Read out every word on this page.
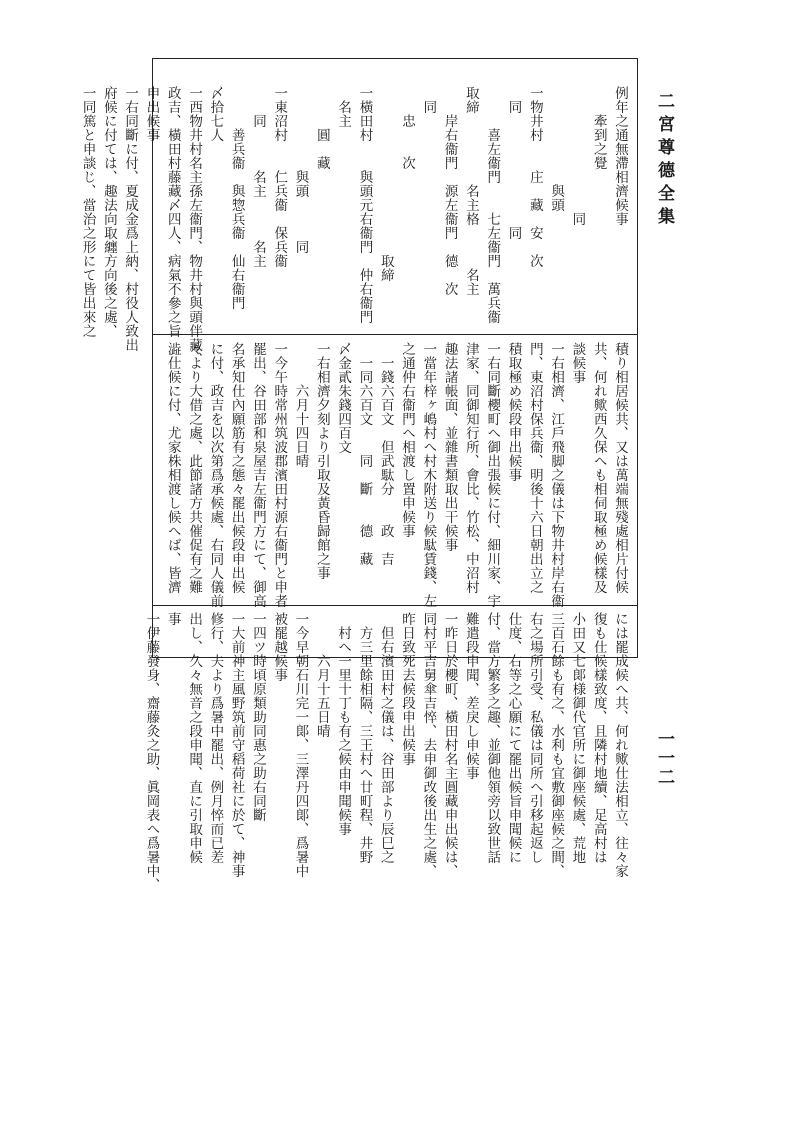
二宮尊德全集
一一二
例年之通無滯相濟候事
　　牽到之覺
　　　　　　　　　同
　　　　　　　與頭
一物井村　　庄　藏　安　次
　同　　　　　　　　同
　　　喜左衞門　　七左衞門　萬兵衞
取締　　　　　名主格　　　名主
　　岸右衞門　源左衞門　德　次
　同
　　忠　　次
　　　　　　　　　　　　取締
一橫田村　　與頭元右衞門　仲右衞門
　名主
　　　圓　藏
　　　　　　與頭　　　同
一東沼村　　仁兵衞　保兵衞
　　同　　　名主　　　名主
　　　善兵衞　與惣兵衞　仙右衞門
〆拾七人
一西物井村名主孫左衞門、物井村與頭伴藏、
政吉、橫田村藤藏〆四人、病氣不參之旨
申出候事
一右同斷に付、夏成金爲上納、村役人致出
府候に付ては、趣法向取纏方向後之處、
一同篤と申談じ、當治之形にて皆出來之
積り相居候共、又は萬端無殘處相片付候
共、何れ歟西久保へも相伺取極め候樣及
談候事
一右相濟、江戶飛脚之儀は下物井村岸右衞
門、東沼村保兵衞、明後十六日朝出立之
積取極め候段申出候事
一右同斷櫻町へ御出張候に付、細川家、宇
津家、同御知行所、會比、竹松、中沼村
趣法諸帳面、並雜書類取出干候事
一當年梓ヶ嶋村へ村木附送り候駄賃錢、左
之通仲右衞門へ相渡し置申候事
　一錢六百文　但武駄分　　政　吉
　一同六百文　　同　斷　　德　藏
〆金貳朱錢四百文
一右相濟夕刻より引取及黃昏歸館之事
　　　六月十四日晴
一今午時常州筑波郡濱田村源右衞門と申者
罷出、谷田部和泉屋吉左衞門方にて、御高
名承知仕內願筋有之態々罷出候段申出候
に付、政吉を以次第爲承候處、右同人儀前
々より大借之處、此節諸方共催促有之難
澁仕候に付、尤家株相渡し候へば、皆濟
には罷成候へ共、何れ歟仕法相立、往々家
復も仕候樣致度、且隣村地續、足高村は
小田又七郞様御代官所に御座候處、荒地
三百石餘も有之、水利も宜敷御座候之間、
右之場所引受、私儀は同所へ引移起返し
仕度、右等之心願にて罷出候旨申聞候に
付、當方繁多之趣、並御他領旁以致世話
難遣段申聞、差戾し申候事
一昨日於櫻町、橫田村名主圓藏申出候は、
同村平吉舅傘吉悴、去申御改後出生之處、
昨日致死去候段申出候事
　但右濱田村之儀は、谷田部より辰巳之
　方三里餘相隔、三王村へ廿町程、井野
　村へ一里十丁も有之候由申聞候事
　　　六月十五日晴
一今早朝石川完一郞、三澤丹四郞、爲暑中
被罷越候事
一四ツ時頃原類助同惠之助右同斷
一大前神主風野筑前守稻荷社に於て、神事
修行、夫より爲暑中罷出、例月悴而已差
出し、久々無音之段申聞、直に引取申候
事
一伊藤發身、齋藤灸之助、眞岡表へ爲暑中、
